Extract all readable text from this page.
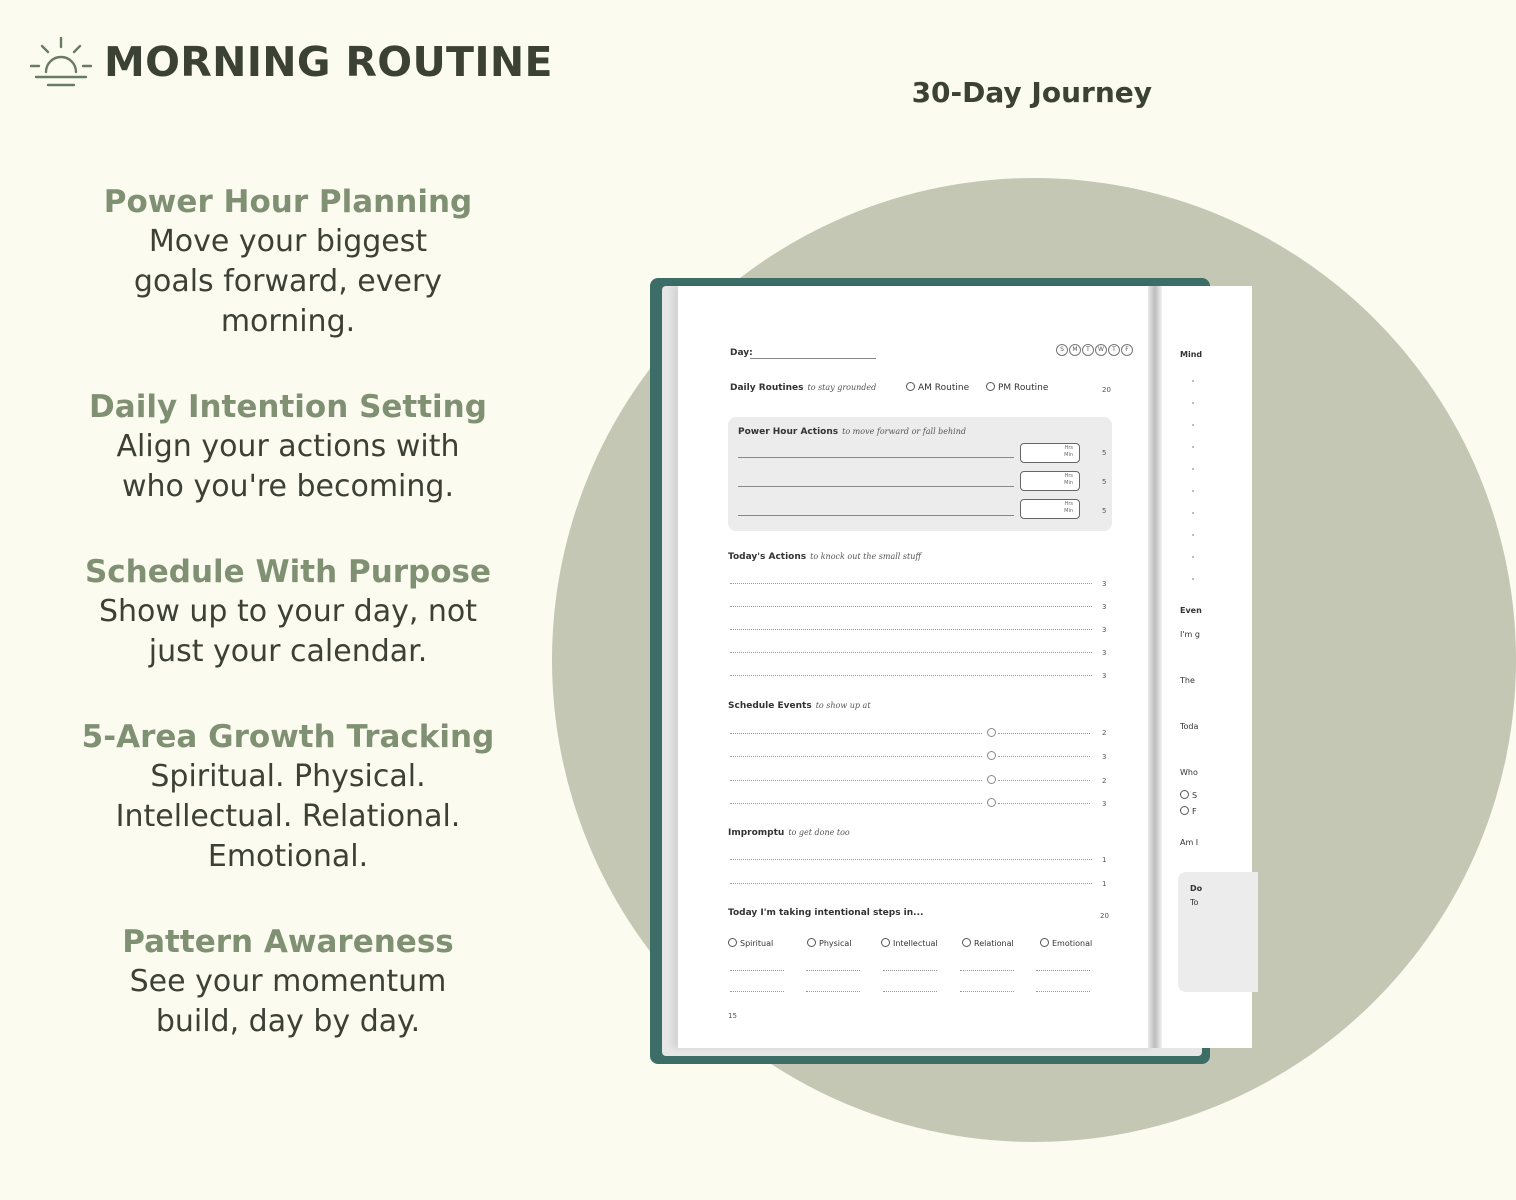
MORNING ROUTINE
30-Day Journey
Power Hour Planning
Move your biggest
goals forward, every
morning.
Daily Intention Setting
Align your actions with
who you're becoming.
Schedule With Purpose
Show up to your day, not
just your calendar.
5-Area Growth Tracking
Spiritual. Physical.
Intellectual. Relational.
Emotional.
Pattern Awareness
See your momentum
build, day by day.
Day:	S	M	T	W	T	F
Daily Routines to stay grounded	AM Routine	PM Routine	20
Power Hour Actions to move forward or fall behind
Hrs
Min	5
Hrs
Min	5
Hrs
Min	5
Today's Actions to knock out the small stuff
3
3
3
3
3
Schedule Events to show up at
2
3
2
3
Impromptu to get done too
1
1
Today I'm taking intentional steps in...	20
Spiritual	Physical	Intellectual	Relational	Emotional
15
Mind
Even
I'm g
The
Toda
Who
S
F
Am I
Do
To
